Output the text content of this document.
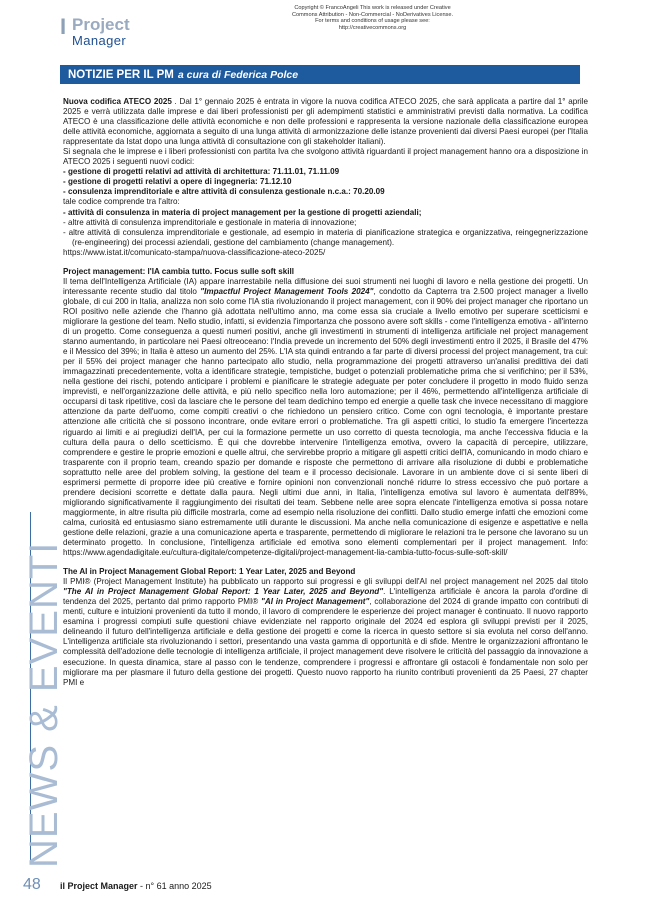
Copyright © FrancoAngeli This work is released under Creative
Commons Attribution - Non-Commercial - NoDerivatives License.
For terms and conditions of usage please see:
http://creativecommons.org
I Project
Manager
NOTIZIE PER IL PM a cura di Federica Polce

Nuova codifica ATECO 2025 . Dal 1° gennaio 2025 è entrata in vigore la nuova codifica ATECO 2025, che sarà applicata a partire dal 1° aprile 2025 e verrà utilizzata dalle imprese e dai liberi professionisti per gli adempimenti statistici e amministrativi previsti dalla normativa. La codifica ATECO è una classificazione delle attività economiche e non delle professioni e rappresenta la versione nazionale della classificazione europea delle attività economiche, aggiornata a seguito di una lunga attività di armonizzazione delle istanze provenienti dai diversi Paesi europei (per l'Italia rappresentate da Istat dopo una lunga attività di consultazione con gli stakeholder italiani).

Si segnala che le imprese e i liberi professionisti con partita Iva che svolgono attività riguardanti il project management hanno ora a disposizione in ATECO 2025 i seguenti nuovi codici:

- gestione di progetti relativi ad attività di architettura: 71.11.01, 71.11.09

- gestione di progetti relativi a opere di ingegneria: 71.12.10

- consulenza imprenditoriale e altre attività di consulenza gestionale n.c.a.: 70.20.09

tale codice comprende tra l'altro:

- attività di consulenza in materia di project management per la gestione di progetti aziendali;

- altre attività di consulenza imprenditoriale e gestionale in materia di innovazione;

- altre attività di consulenza imprenditoriale e gestionale, ad esempio in materia di pianificazione strategica e organizzativa, reingegnerizzazione (re-engineering) dei processi aziendali, gestione del cambiamento (change management).

https://www.istat.it/comunicato-stampa/nuova-classificazione-ateco-2025/

Project management: l'IA cambia tutto. Focus sulle soft skill

Il tema dell'Intelligenza Artificiale (IA) appare inarrestabile nella diffusione dei suoi strumenti nei luoghi di lavoro e nella gestione dei progetti. Un interessante recente studio dal titolo "Impactful Project Management Tools 2024", condotto da Capterra tra 2.500 project manager a livello globale, di cui 200 in Italia, analizza non solo come l'IA stia rivoluzionando il project management, con il 90% dei project manager che riportano un ROI positivo nelle aziende che l'hanno già adottata nell'ultimo anno, ma come essa sia cruciale a livello emotivo per superare scetticismi e migliorare la gestione del team. Nello studio, infatti, si evidenzia l'importanza che possono avere soft skills - come l'intelligenza emotiva - all'interno di un progetto. Come conseguenza a questi numeri positivi, anche gli investimenti in strumenti di intelligenza artificiale nel project management stanno aumentando, in particolare nei Paesi oltreoceano: l'India prevede un incremento del 50% degli investimenti entro il 2025, il Brasile del 47% e il Messico del 39%; in Italia è atteso un aumento del 25%. L'IA sta quindi entrando a far parte di diversi processi del project management, tra cui: per il 55% dei project manager che hanno partecipato allo studio, nella programmazione dei progetti attraverso un'analisi predittiva dei dati immagazzinati precedentemente, volta a identificare strategie, tempistiche, budget o potenziali problematiche prima che si verifichino; per il 53%, nella gestione dei rischi, potendo anticipare i problemi e pianificare le strategie adeguate per poter concludere il progetto in modo fluido senza imprevisti, e nell'organizzazione delle attività, e più nello specifico nella loro automazione; per il 46%, permettendo all'intelligenza artificiale di occuparsi di task ripetitive, così da lasciare che le persone del team dedichino tempo ed energie a quelle task che invece necessitano di maggiore attenzione da parte dell'uomo, come compiti creativi o che richiedono un pensiero critico. Come con ogni tecnologia, è importante prestare attenzione alle criticità che si possono incontrare, onde evitare errori o problematiche. Tra gli aspetti critici, lo studio fa emergere l'incertezza riguardo ai limiti e ai pregiudizi dell'IA, per cui la formazione permette un uso corretto di questa tecnologia, ma anche l'eccessiva fiducia e la cultura della paura o dello scetticismo. È qui che dovrebbe intervenire l'intelligenza emotiva, ovvero la capacità di percepire, utilizzare, comprendere e gestire le proprie emozioni e quelle altrui, che servirebbe proprio a mitigare gli aspetti critici dell'IA, comunicando in modo chiaro e trasparente con il proprio team, creando spazio per domande e risposte che permettono di arrivare alla risoluzione di dubbi e problematiche soprattutto nelle aree del problem solving, la gestione del team e il processo decisionale. Lavorare in un ambiente dove ci si sente liberi di esprimersi permette di proporre idee più creative e fornire opinioni non convenzionali nonché ridurre lo stress eccessivo che può portare a prendere decisioni scorrette e dettate dalla paura. Negli ultimi due anni, in Italia, l'intelligenza emotiva sul lavoro è aumentata dell'89%, migliorando significativamente il raggiungimento dei risultati dei team. Sebbene nelle aree sopra elencate l'intelligenza emotiva si possa notare maggiormente, in altre risulta più difficile mostrarla, come ad esempio nella risoluzione dei conflitti. Dallo studio emerge infatti che emozioni come calma, curiosità ed entusiasmo siano estremamente utili durante le discussioni. Ma anche nella comunicazione di esigenze e aspettative e nella gestione delle relazioni, grazie a una comunicazione aperta e trasparente, permettendo di migliorare le relazioni tra le persone che lavorano su un determinato progetto. In conclusione, l'intelligenza artificiale ed emotiva sono elementi complementari per il project management. Info: https://www.agendadigitale.eu/cultura-digitale/competenze-digitali/project-management-lia-cambia-tutto-focus-sulle-soft-skill/

The AI in Project Management Global Report: 1 Year Later, 2025 and Beyond

Il PMI® (Project Management Institute) ha pubblicato un rapporto sui progressi e gli sviluppi dell'AI nel project management nel 2025 dal titolo "The AI in Project Management Global Report: 1 Year Later, 2025 and Beyond". L'intelligenza artificiale è ancora la parola d'ordine di tendenza del 2025, pertanto dal primo rapporto PMI® "AI in Project Management", collaborazione del 2024 di grande impatto con contributi di menti, culture e intuizioni provenienti da tutto il mondo, il lavoro di comprendere le esperienze dei project manager è continuato. Il nuovo rapporto esamina i progressi compiuti sulle questioni chiave evidenziate nel rapporto originale del 2024 ed esplora gli sviluppi previsti per il 2025, delineando il futuro dell'intelligenza artificiale e della gestione dei progetti e come la ricerca in questo settore si sia evoluta nel corso dell'anno. L'intelligenza artificiale sta rivoluzionando i settori, presentando una vasta gamma di opportunità e di sfide. Mentre le organizzazioni affrontano le complessità dell'adozione delle tecnologie di intelligenza artificiale, il project management deve risolvere le criticità del passaggio da innovazione a esecuzione. In questa dinamica, stare al passo con le tendenze, comprendere i progressi e affrontare gli ostacoli è fondamentale non solo per migliorare ma per plasmare il futuro della gestione dei progetti. Questo nuovo rapporto ha riunito contributi provenienti da 25 Paesi, 27 chapter PMI e

NEWS & EVENTI
48 il Project Manager - n° 61 anno 2025
